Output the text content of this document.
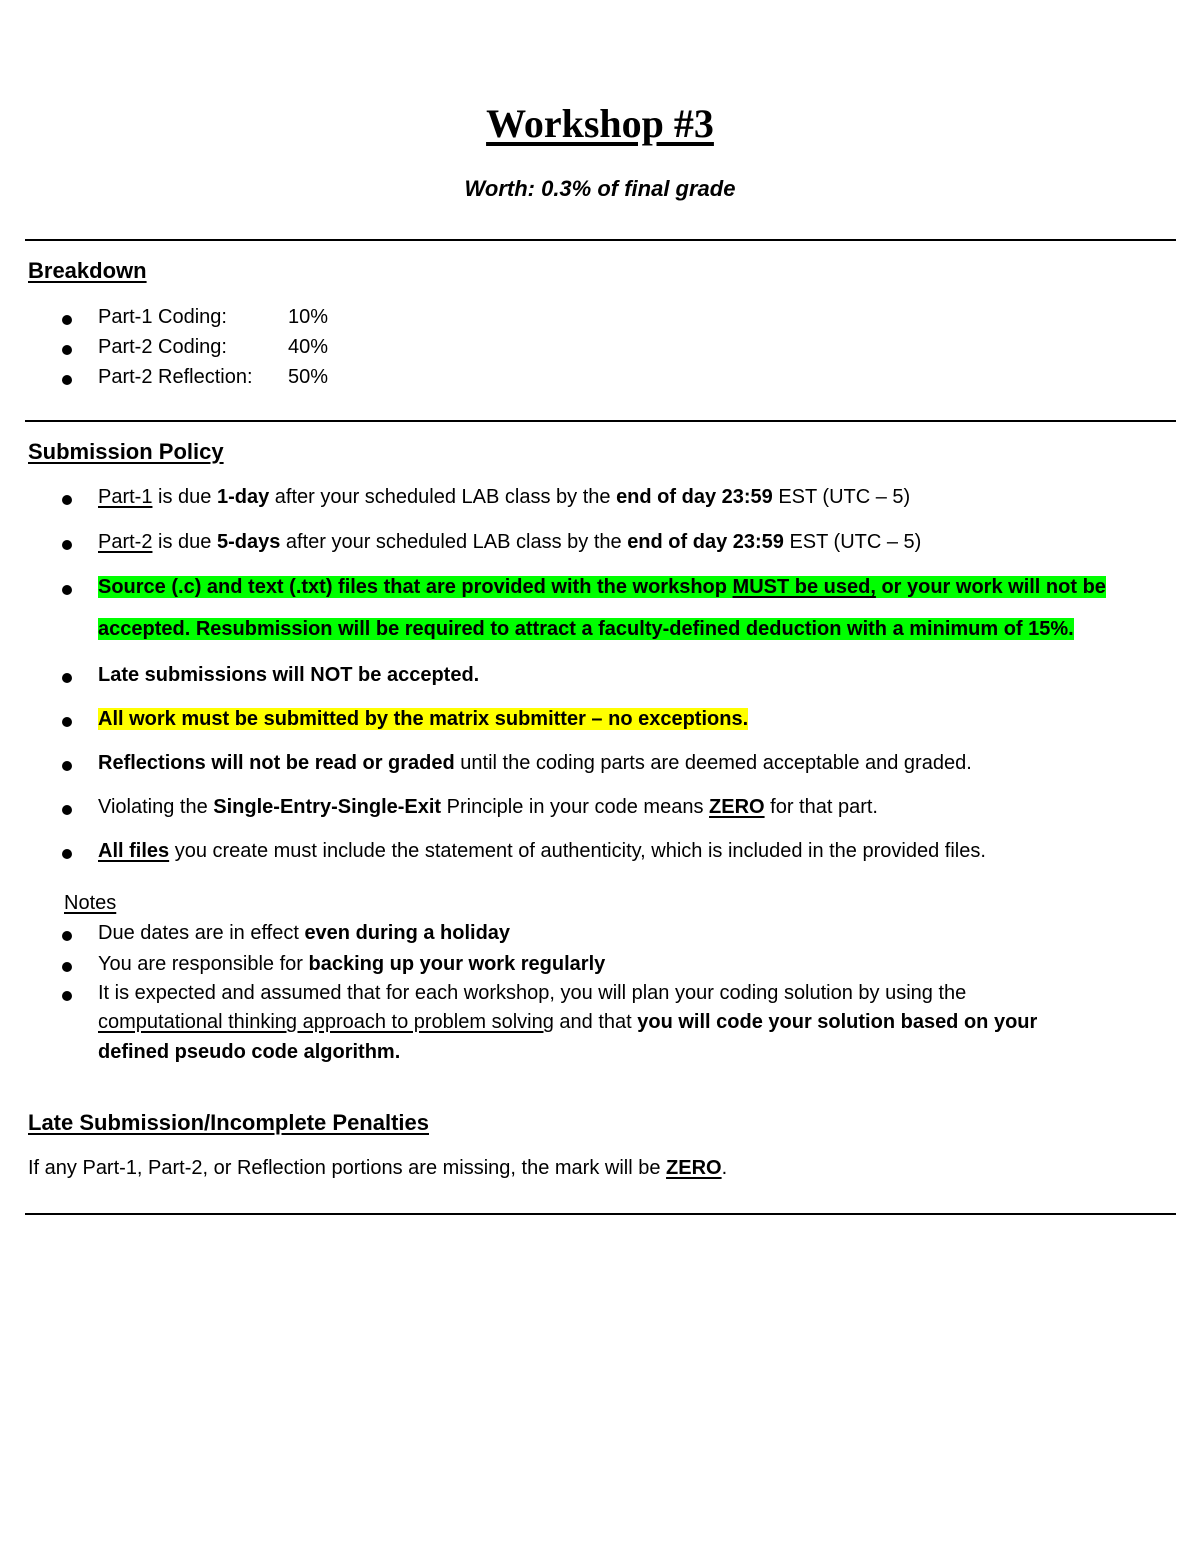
Workshop #3
Worth: 0.3% of final grade
Breakdown
Part-1 Coding:	10%
Part-2 Coding:	40%
Part-2 Reflection: 50%
Submission Policy
Part-1 is due 1-day after your scheduled LAB class by the end of day 23:59 EST (UTC – 5)
Part-2 is due 5-days after your scheduled LAB class by the end of day 23:59 EST (UTC – 5)
Source (.c) and text (.txt) files that are provided with the workshop MUST be used, or your work will not be
accepted. Resubmission will be required to attract a faculty-defined deduction with a minimum of 15%.
Late submissions will NOT be accepted.
All work must be submitted by the matrix submitter – no exceptions.
Reflections will not be read or graded until the coding parts are deemed acceptable and graded.
Violating the Single-Entry-Single-Exit Principle in your code means ZERO for that part.
All files you create must include the statement of authenticity, which is included in the provided files.
Notes
Due dates are in effect even during a holiday
You are responsible for backing up your work regularly
It is expected and assumed that for each workshop, you will plan your coding solution by using the
computational thinking approach to problem solving and that you will code your solution based on your
defined pseudo code algorithm.
Late Submission/Incomplete Penalties
If any Part-1, Part-2, or Reflection portions are missing, the mark will be ZERO.
